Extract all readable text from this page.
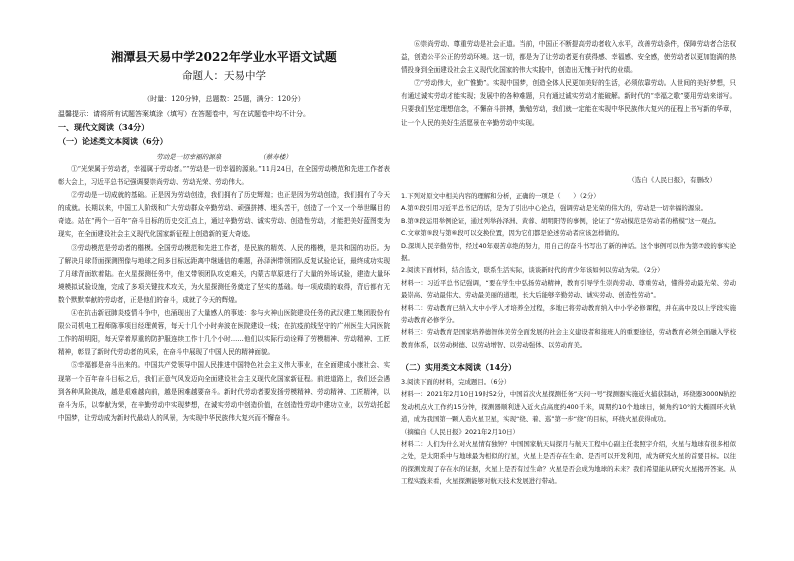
湘潭县天易中学2022年学业水平语文试题
命题人：天易中学
（时量：120分钟，总题数：25题，满分：120分）
温馨提示：请将所有试题答案填涂（填写）在答题卷中，写在试题卷中均不计分。
一、现代文阅读（34分）
（一）论述类文本阅读（6分）
劳动是一切幸福的源泉	（蔡寿楼）

①“光荣属于劳动者，幸福属于劳动者。”“劳动是一切幸福的源泉。”11月24日，在全国劳动模范和先进工作者表彰大会上，习近平总书记强调要崇尚劳动、劳动光荣、劳动伟大。

②劳动是一切成就的基础。正是因为劳动创造，我们拥有了历史辉煌；也正是因为劳动创造，我们拥有了今天的成就。长期以来，中国工人阶级和广大劳动群众辛勤劳动、顽强拼搏、埋头苦干，创造了一个又一个举世瞩目的奇迹。站在“两个一百年”奋斗目标的历史交汇点上，通过辛勤劳动、诚实劳动、创造性劳动，才能把美好蓝图变为现实，在全面建设社会主义现代化国家新征程上创造新的更大奇迹。

③劳动模范是劳动者的楷模。全国劳动模范和先进工作者，是民族的精英、人民的楷模，是共和国的功臣。为了解决月球背面探测图像与地球之间多目标远距离中继通信的难题，孙泽洲带领团队反复试验论证，最终成功实现了月球背面软着陆。在火星探测任务中，他又带领团队攻克难关，内蒙古草原进行了大量的外场试验，建造大量环境模拟试验设施，完成了多项关键技术攻关，为火星探测任务奠定了坚实的基础。每一项成绩的取得，背后都有无数个默默奉献的劳动者，正是他们的奋斗，成就了今天的辉煌。

④在抗击新冠肺炎疫情斗争中，也涌现出了大量感人的事迹：参与火神山医院建设任务的武汉建工集团股份有限公司机电工程师陈事项目经理黄蓉，每天十几个小时奔波在医院建设一线；在抗疫前线坚守的广州医生大同医院工作的胡明阳，每天穿着厚重的防护服连续工作十几个小时……他们以实际行动诠释了劳模精神、劳动精神、工匠精神，彰显了新时代劳动者的风采，在奋斗中展现了中国人民的精神面貌。

⑤幸福都是奋斗出来的。中国共产党领导中国人民推进中国特色社会主义伟大事业，在全面建成小康社会、实现第一个百年奋斗目标之后，我们正意气风发迈向全面建设社会主义现代化国家新征程。前进道路上，我们还会遇到各种风险挑战，越是艰难越向前，越是困难越要奋斗。新时代劳动者要发扬劳模精神、劳动精神、工匠精神，以奋斗为乐，以奉献为荣，在辛勤劳动中实现梦想，在诚实劳动中创造价值，在创造性劳动中建功立业，以劳动托起中国梦，让劳动成为新时代最动人的风景，为实现中华民族伟大复兴而不懈奋斗。

⑥崇尚劳动、尊重劳动是社会正道。当前，中国正不断提高劳动者收入水平，改善劳动条件，保障劳动者合法权益，创造公平公正的劳动环境。这一切，都是为了让劳动者更有获得感、幸福感、安全感，使劳动者以更加饱满的热情投身到全面建设社会主义现代化国家的伟大实践中，创造出无愧于时代的业绩。

⑦“劳动伟大，业广惟勤”。实现中国梦，创造全体人民更加美好的生活，必须依靠劳动。人世间的美好梦想，只有通过诚实劳动才能实现；发展中的各种难题，只有通过诚实劳动才能破解。新时代的“幸福之歌”要用劳动来谱写。只要我们坚定理想信念，不懈奋斗拼搏，勤勉劳动，我们就一定能在实现中华民族伟大复兴的征程上书写新的华章，让一个人民的美好生活愿景在辛勤劳动中实现。

（选自《人民日报》，有删改）
1.下列对原文中相关内容的理解和分析，正确的一项是（　　）（2分）
A.第①段引用习近平总书记的话，是为了引出中心论点，强调劳动是光荣的伟大的，劳动是一切幸福的源泉。
B.第③段运用举例论证，通过列举孙泽洲、黄蓉、胡明阳等的事例，论证了“劳动模范是劳动者的楷模”这一观点。
C.文章第⑤段与第⑥段可以交换位置，因为它们都是论述劳动者应该怎样做的。
D.深圳人民辛勤劳作，经过40年艰苦卓绝的努力，用自己的奋斗书写出了新的神话。这个事例可以作为第⑦段的事实论据。
2.阅读下面材料，结合选文，联系生活实际，谈谈新时代的青少年该如何以劳动为荣。（2分）
材料一：习近平总书记强调，“要在学生中弘扬劳动精神，教育引导学生崇尚劳动、尊重劳动，懂得劳动最光荣、劳动最崇高、劳动最伟大、劳动最美丽的道理，长大后能够辛勤劳动、诚实劳动、创造性劳动”。
材料二：劳动教育已纳入大中小学人才培养全过程，多地已将劳动教育纳入中小学必修课程，并在高中及以上学段实施劳动教育必修学分。
材料三：劳动教育是国家培养德智体美劳全面发展的社会主义建设者和接班人的重要途径，劳动教育必须全面融入学校教育体系，以劳动树德、以劳动增智、以劳动强体、以劳动育美。
（二）实用类文本阅读（14分）
3.阅读下面的材料，完成题目。（6分）
材料一：2021年2月10日19时52分，中国首次火星探测任务“天问一号”探测器实施近火捕获制动，环绕器3000N轨控发动机点火工作约15分钟，探测器顺利进入近火点高度约400千米，周期约10个地球日，倾角约10°的大椭圆环火轨道，成为我国第一颗人造火星卫星，实现“绕、着、巡”第一步“绕”的目标，环绕火星获得成功。
（摘编自《人民日报》2021年2月10日）
材料二：人们为什么对火星情有独钟？中国国家航天局探月与航天工程中心副主任裴照宇介绍，火星与地球有很多相似之处，是太阳系中与地球最为相似的行星，火星上是否存在生命、是否可以开发利用，成为研究火星的首要目标。以往的探测发现了存在水的证据，火星上是否有过生命？火星是否会成为地球的未来？我们希望能从研究火星揭开答案。从工程实践来看，火星探测能够对航天技术发展进行带动。
